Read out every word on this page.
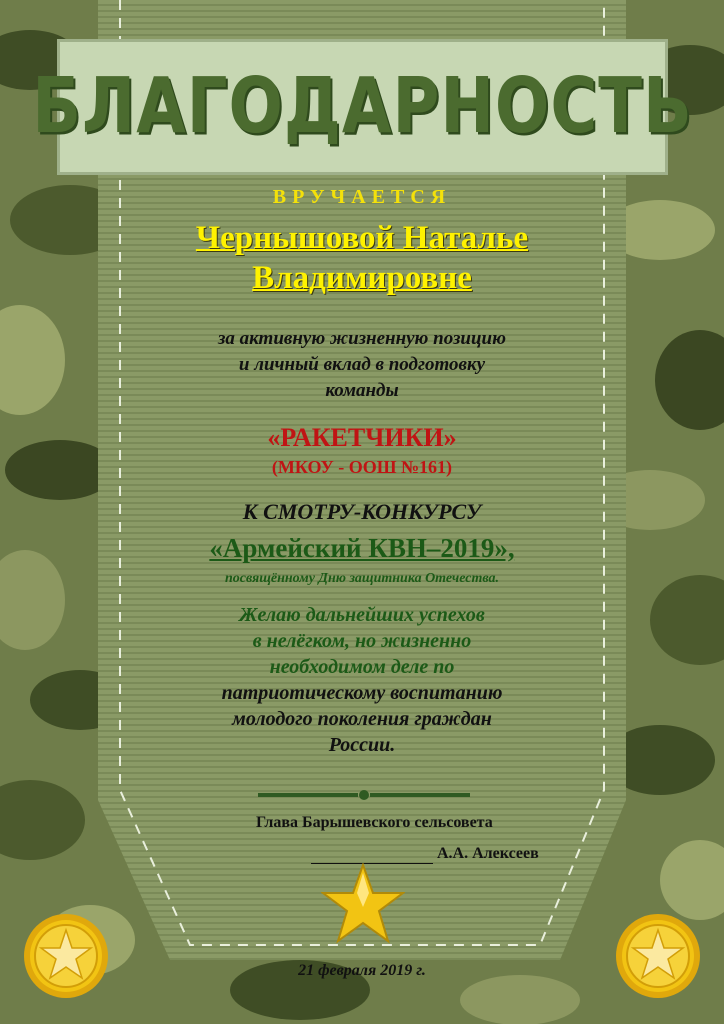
БЛАГОДАРНОСТЬ

ВРУЧАЕТСЯ

Чернышовой Наталье
Владимировне
за активную жизненную позицию
и личный вклад в подготовку
команды

«РАКЕТЧИКИ»

(МКОУ - ООШ №161)

К СМОТРУ-КОНКУРСУ

«Армейский КВН–2019»,

посвящённому Дню защитника Отечества.

Желаю дальнейших успехов
в нелёгком, но жизненно
необходимом деле по
патриотическому воспитанию
молодого поколения граждан
России.
Глава Барышевского сельсовета
А.А. Алексеев
21 февраля 2019 г.
